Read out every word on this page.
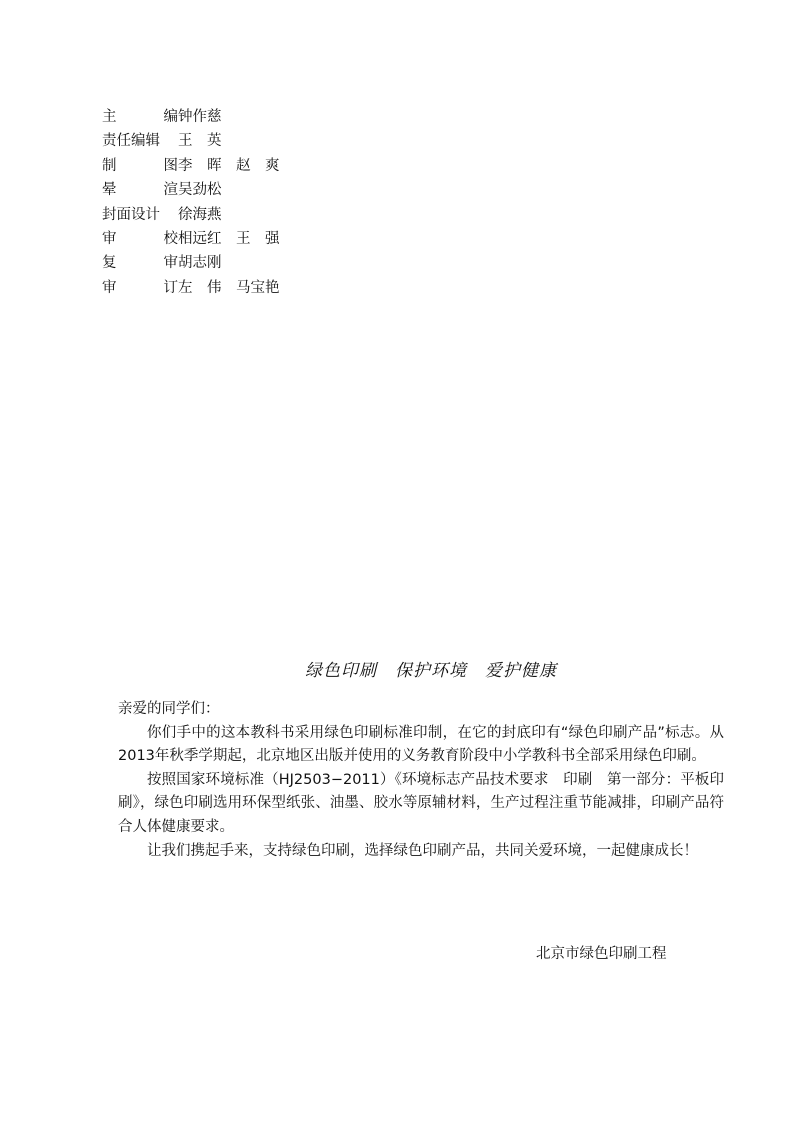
主	编 钟作慈
责任编辑 王　英
制	图 李　晖　赵　爽
晕	渲 吴劲松
封面设计 徐海燕
审	校 相远红　王　强
复	审 胡志刚
审	订 左　伟　马宝艳
绿色印刷　保护环境　爱护健康

亲爱的同学们：

你们手中的这本教科书采用绿色印刷标准印制，在它的封底印有“绿色印刷产品”标志。从2013年秋季学期起，北京地区出版并使用的义务教育阶段中小学教科书全部采用绿色印刷。

按照国家环境标准（HJ2503−2011）《环境标志产品技术要求　印刷　第一部分：平板印刷》，绿色印刷选用环保型纸张、油墨、胶水等原辅材料，生产过程注重节能减排，印刷产品符合人体健康要求。

让我们携起手来，支持绿色印刷，选择绿色印刷产品，共同关爱环境，一起健康成长！

北京市绿色印刷工程
